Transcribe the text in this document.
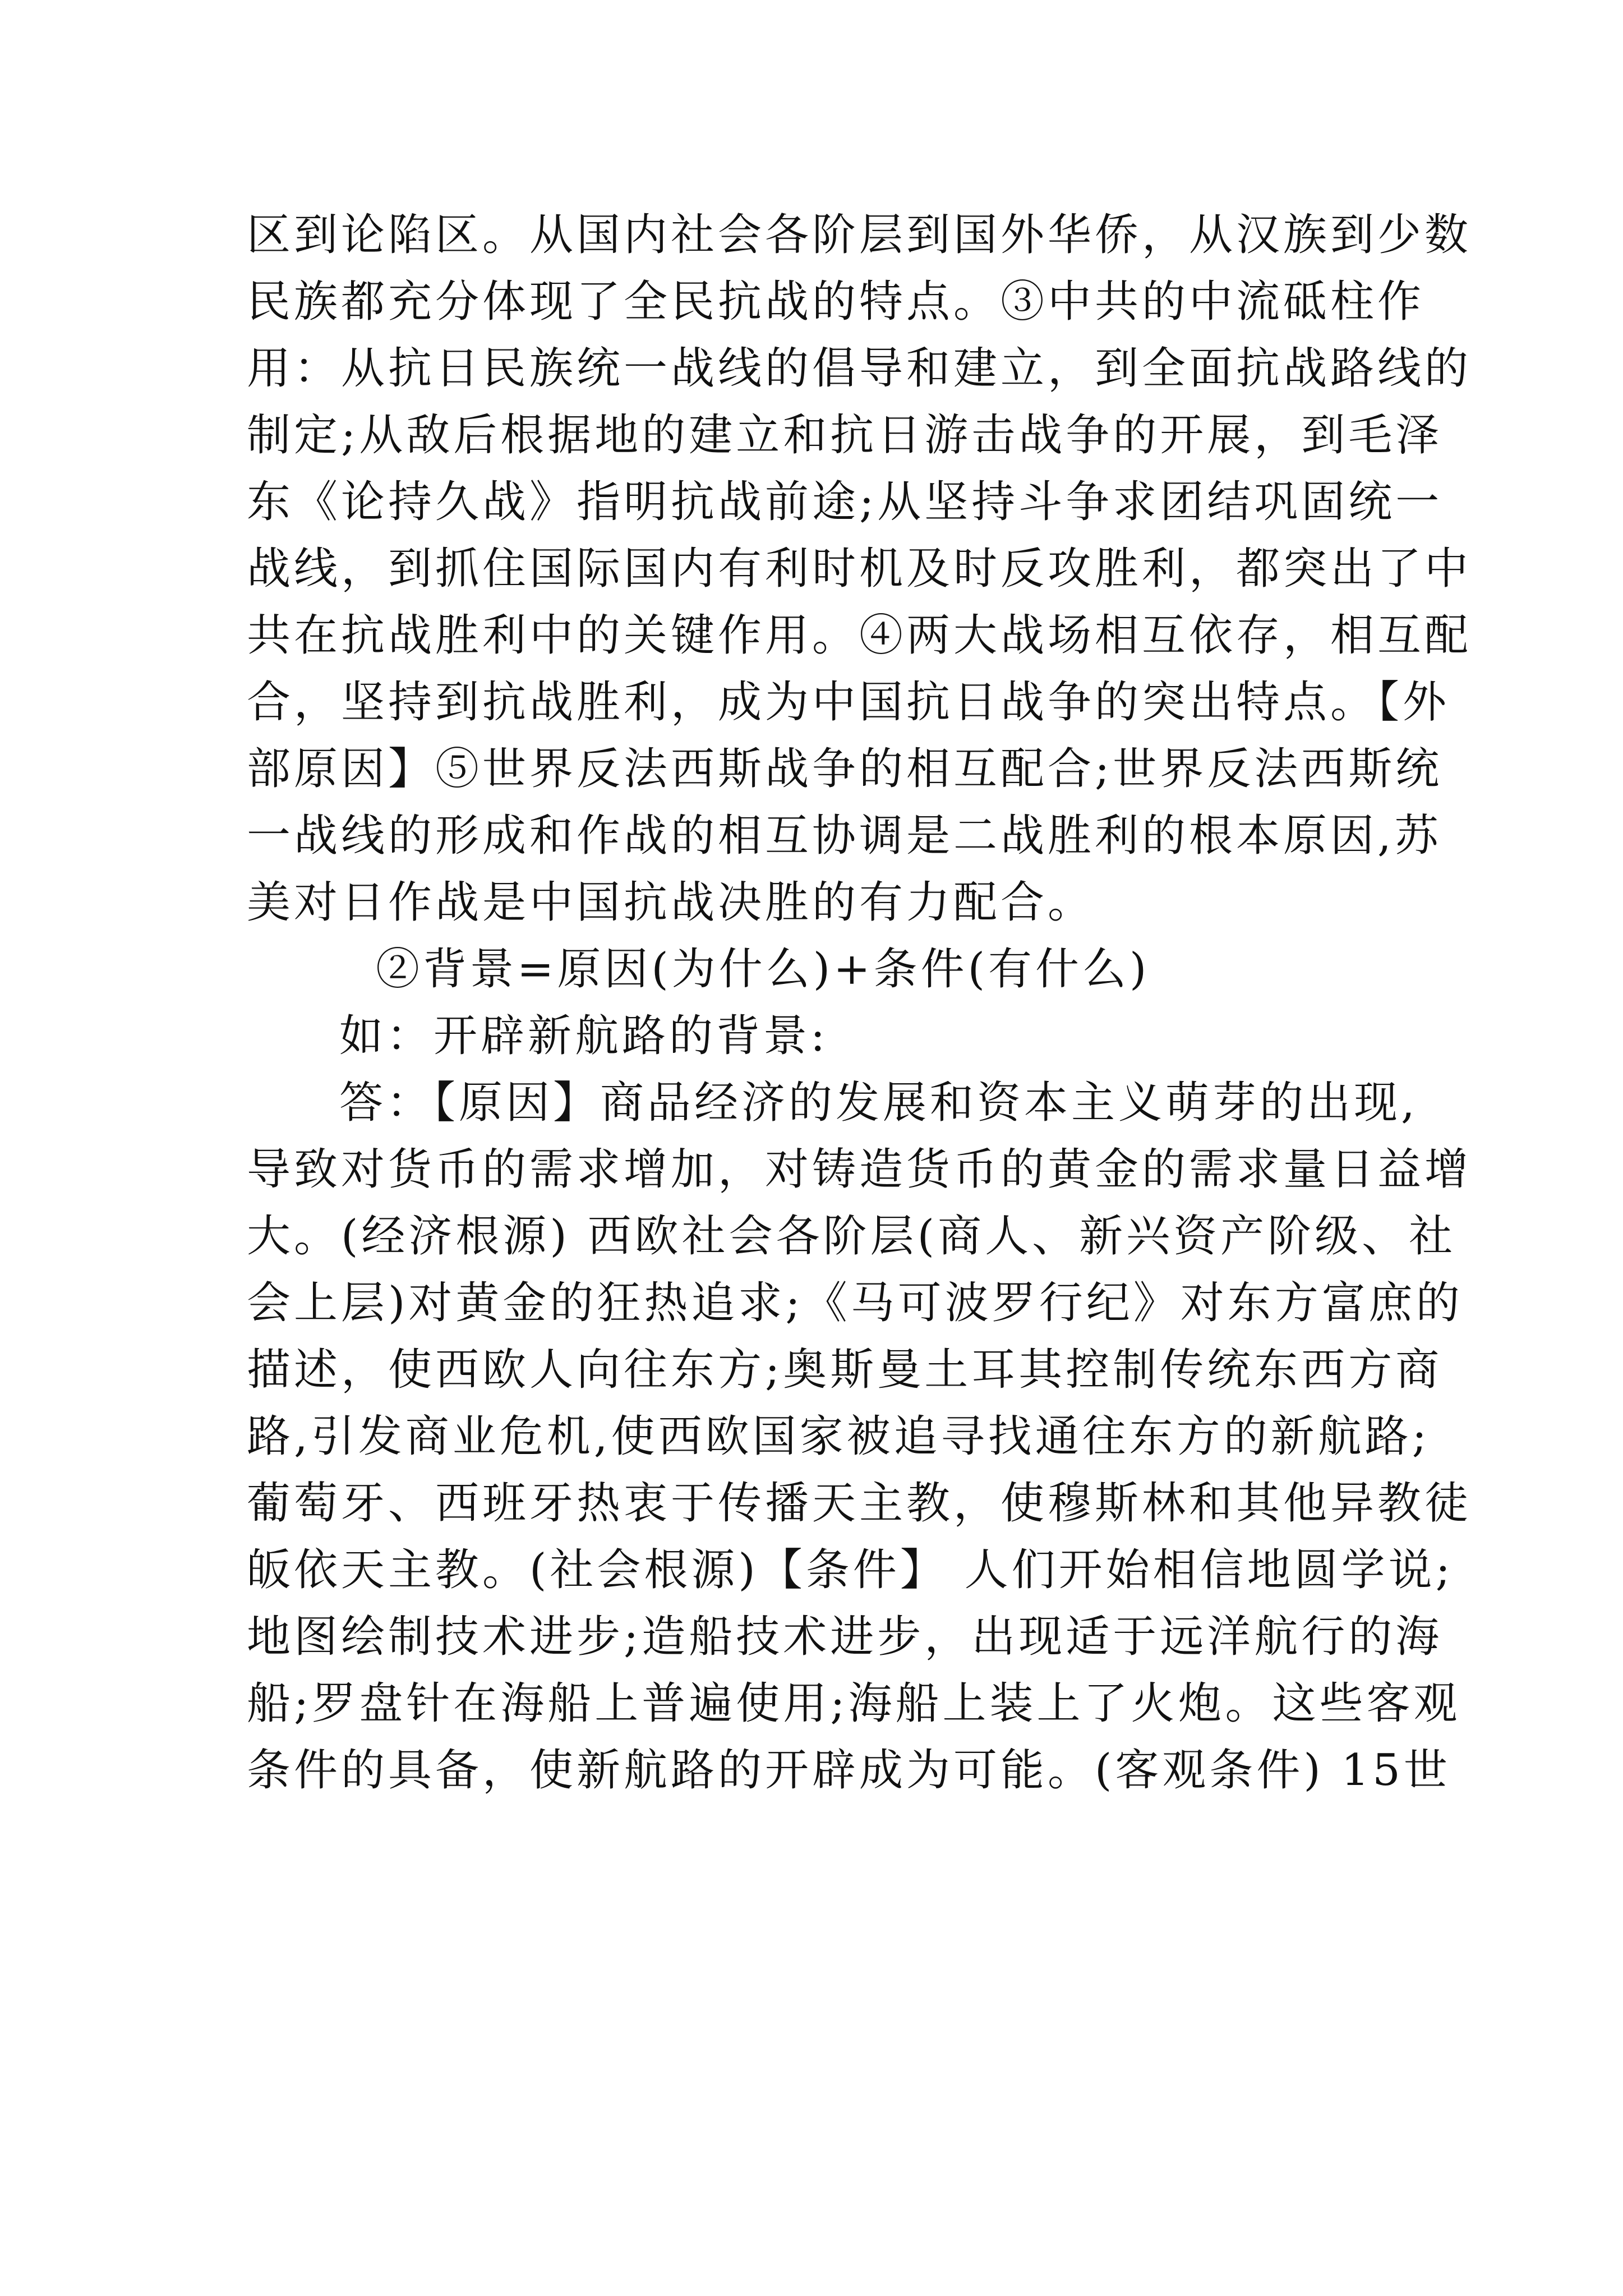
区到论陷区。从国内社会各阶层到国外华侨，从汉族到少数
民族都充分体现了全民抗战的特点。③中共的中流砥柱作
用：从抗日民族统一战线的倡导和建立，到全面抗战路线的
制定;从敌后根据地的建立和抗日游击战争的开展，到毛泽
东《论持久战》指明抗战前途;从坚持斗争求团结巩固统一
战线，到抓住国际国内有利时机及时反攻胜利，都突出了中
共在抗战胜利中的关键作用。④两大战场相互依存，相互配
合，坚持到抗战胜利，成为中国抗日战争的突出特点。【外
部原因】⑤世界反法西斯战争的相互配合;世界反法西斯统
一战线的形成和作战的相互协调是二战胜利的根本原因,苏
美对日作战是中国抗战决胜的有力配合。
②背景=原因(为什么)+条件(有什么)
如：开辟新航路的背景:
答：【原因】商品经济的发展和资本主义萌芽的出现,
导致对货币的需求增加，对铸造货币的黄金的需求量日益增
大。(经济根源) 西欧社会各阶层(商人、新兴资产阶级、社
会上层)对黄金的狂热追求;《马可波罗行纪》对东方富庶的
描述，使西欧人向往东方;奥斯曼土耳其控制传统东西方商
路,引发商业危机,使西欧国家被追寻找通往东方的新航路;
葡萄牙、西班牙热衷于传播天主教，使穆斯林和其他异教徒
皈依天主教。(社会根源)【条件】 人们开始相信地圆学说;
地图绘制技术进步;造船技术进步，出现适于远洋航行的海
船;罗盘针在海船上普遍使用;海船上装上了火炮。这些客观
条件的具备，使新航路的开辟成为可能。(客观条件) 15世
